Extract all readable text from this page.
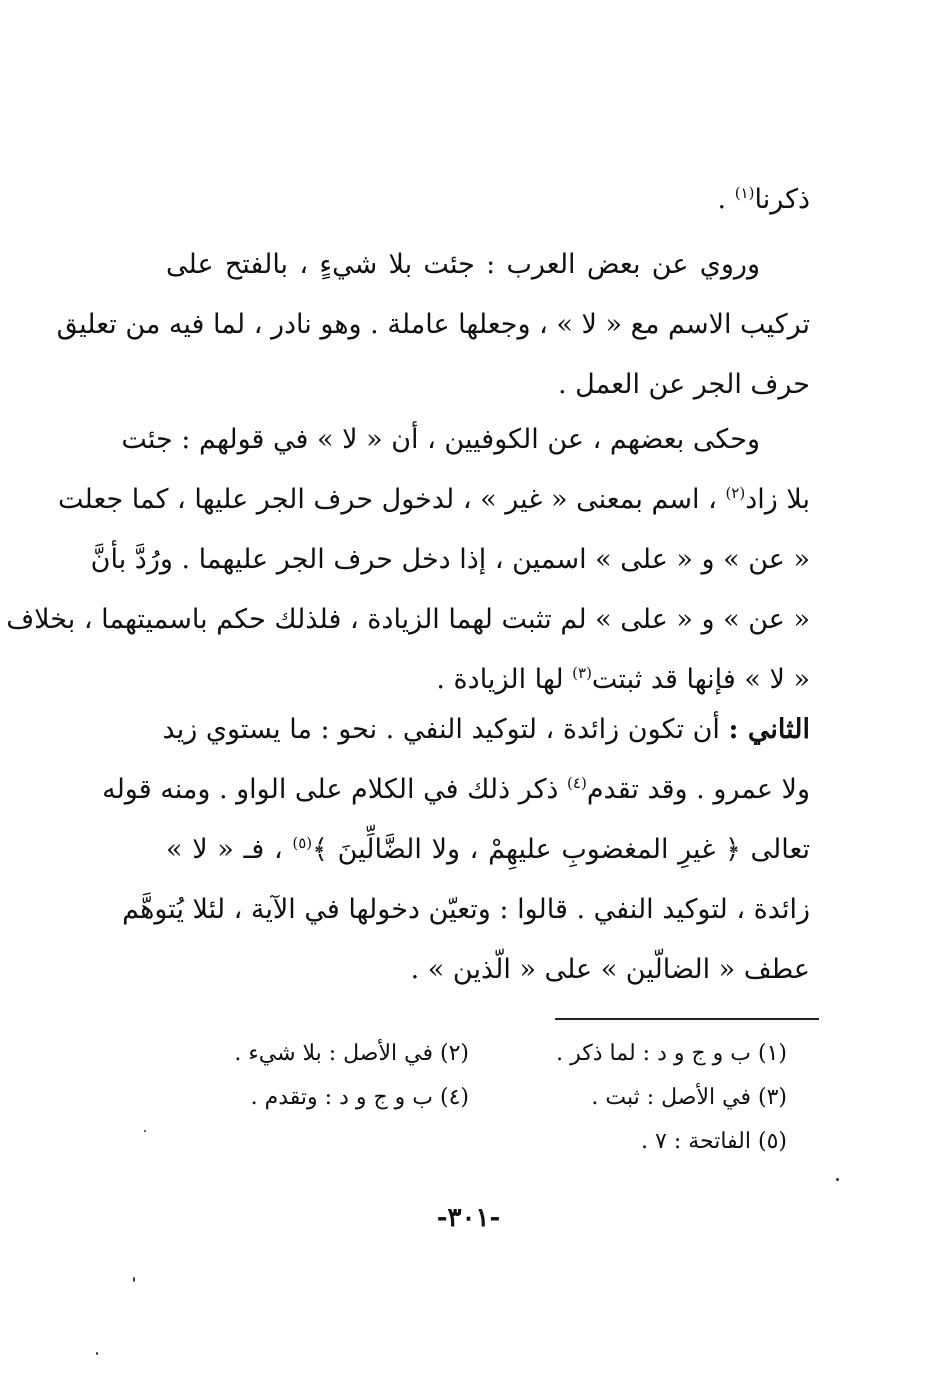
ذكرنا$^{(١)}$ .
وروي عن بعض العرب : جئت بلا شيءٍ ، بالفتح على
تركيب الاسم مع « لا » ، وجعلها عاملة . وهو نادر ، لما فيه من تعليق
حرف الجر عن العمل .
وحكى بعضهم ، عن الكوفيين ، أن « لا » في قولهم : جئت
بلا زاد$^{(٢)}$ ، اسم بمعنى « غير » ، لدخول حرف الجر عليها ، كما جعلت
« عن » و « على » اسمين ، إذا دخل حرف الجر عليهما . ورُدَّ بأنَّ
« عن » و « على » لم تثبت لهما الزيادة ، فلذلك حكم باسميتهما ، بخلاف
« لا » فإنها قد ثبتت$^{(٣)}$ لها الزيادة .
الثاني : أن تكون زائدة ، لتوكيد النفي . نحو : ما يستوي زيد
ولا عمرو . وقد تقدم$^{(٤)}$ ذكر ذلك في الكلام على الواو . ومنه قوله
تعالى ﴿ غيرِ المغضوبِ عليهِمْ ، ولا الضَّالِّينَ ﴾$^{(٥)}$ ، فـ « لا »
زائدة ، لتوكيد النفي . قالوا : وتعيّن دخولها في الآية ، لئلا يُتوهَّم
عطف « الضالّين » على « الّذين » .
(١) ب و ج و د : لما ذكر .
(٢) في الأصل : بلا شيء .
(٣) في الأصل : ثبت .
(٤) ب و ج و د : وتقدم .
(٥) الفاتحة : ٧ .
-٣٠١-
